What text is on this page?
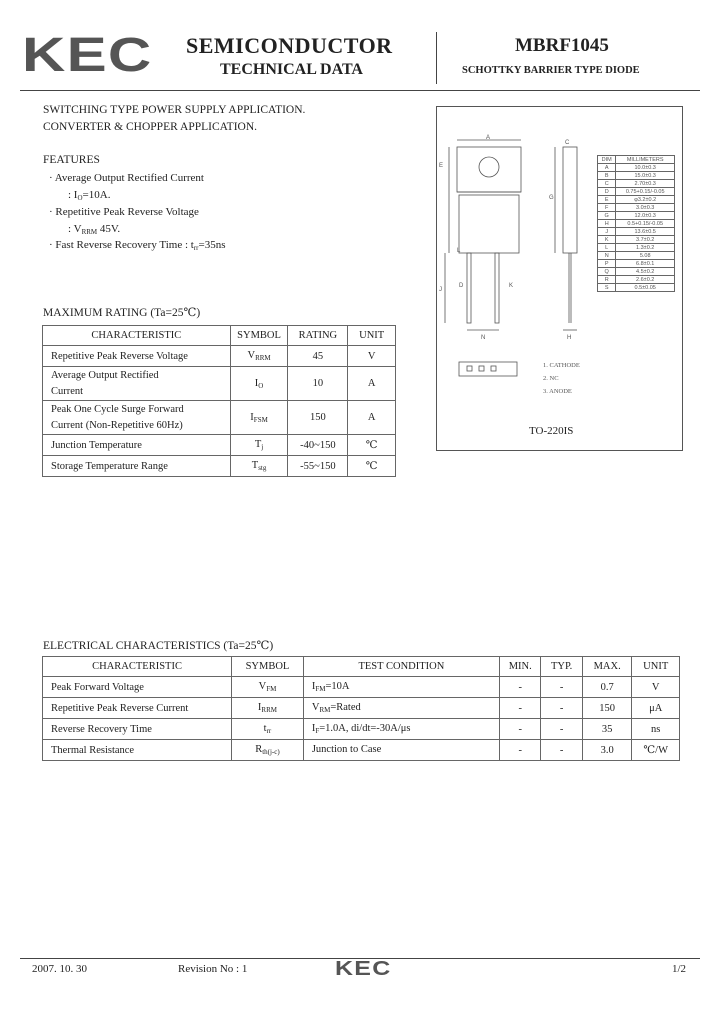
KEC SEMICONDUCTOR
TECHNICAL DATA
MBRF1045
SCHOTTKY BARRIER TYPE DIODE
SWITCHING TYPE POWER SUPPLY APPLICATION.
CONVERTER & CHOPPER APPLICATION.
FEATURES
· Average Output Rectified Current
: $I_O=10A$.
· Repetitive Peak Reverse Voltage
: $V_{RRM}$ 45V.
· Fast Reverse Recovery Time : $t_{rr}=35ns$
MAXIMUM RATING (Ta=25℃)
CHARACTERISTIC	SYMBOL	RATING	UNIT
Repetitive Peak Reverse Voltage	$V_{RRM}$	45	V
Average Output Rectified
Current	$I_O$	10	A
Peak One Cycle Surge Forward
Current (Non-Repetitive 60Hz)	$I_{FSM}$	150	A
Junction Temperature	$T_j$	-40~150	℃
Storage Temperature Range	$T_{stg}$	-55~150	℃
A
C
E
G
J
N	H
L
D	K
DIM	MILLIMETERS
A	10.0±0.3
B	15.0±0.3
C	2.70±0.3
D	0.75+0.15/-0.05
E	φ3.2±0.2
F	3.0±0.3
G	12.0±0.3
H	0.5+0.15/-0.05
J	13.6±0.5
K	3.7±0.2
L	1.3±0.2
N	5.08
P	6.8±0.1
Q	4.5±0.2
R	2.6±0.2
S	0.5±0.05
1. CATHODE
2. NC
3. ANODE
TO-220IS
ELECTRICAL CHARACTERISTICS (Ta=25℃)
CHARACTERISTIC	SYMBOL	TEST CONDITION	MIN.	TYP.	MAX.	UNIT
Peak Forward Voltage	$V_{FM}$	$I_{FM}=10A$	-	-	0.7	V
Repetitive Peak Reverse Current	$I_{RRM}$	$V_{RM}=Rated$	-	-	150	μA
Reverse Recovery Time	$t_{rr}$	$I_F=1.0A$, di/dt=-30A/μs	-	-	35	ns
Thermal Resistance	$R_{th(j-c)}$	Junction to Case	-	-	3.0	℃/W
2007. 10. 30	Revision No : 1	KEC	1/2
